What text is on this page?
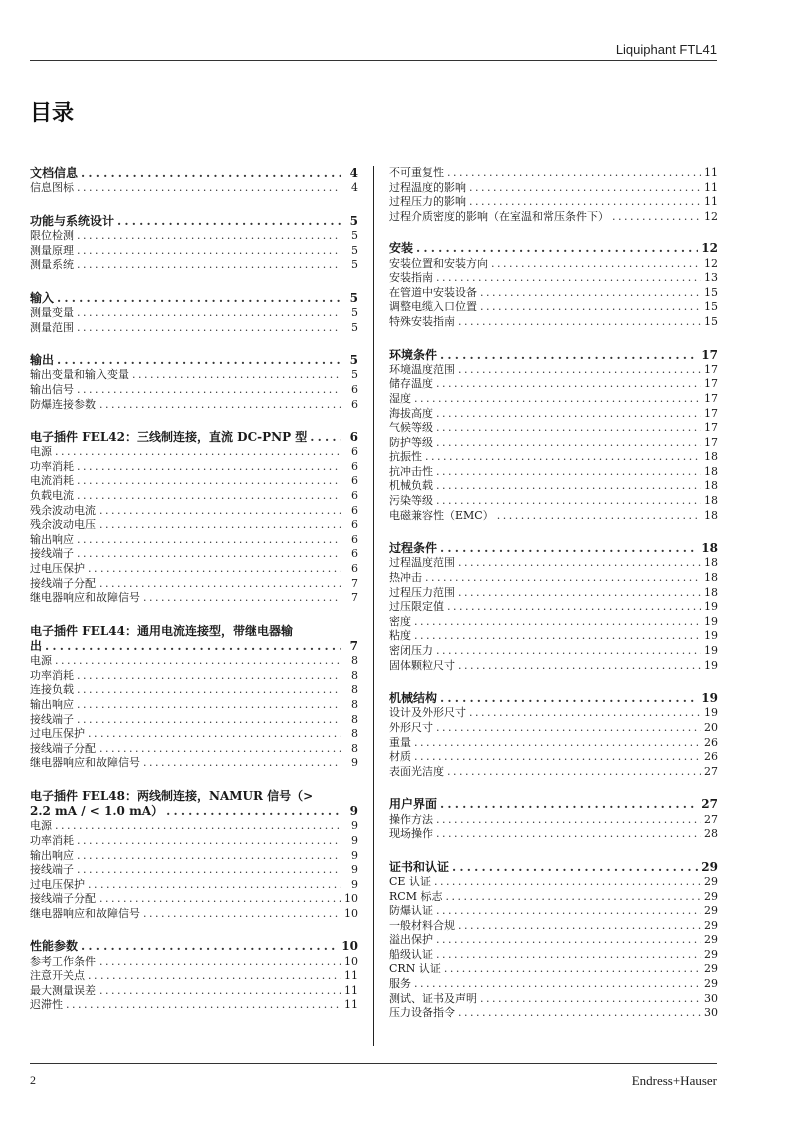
Liquiphant FTL41
目录
文档信息 . . .	4
信息图标 . . .	4
功能与系统设计 . . .	5
限位检测 . . .	5
测量原理 . . .	5
测量系统 . . .	5
输入 . . .	5
测量变量 . . .	5
测量范围 . . .	5
输出 . . .	5
输出变量和输入变量 . . .	5
输出信号 . . .	6
防爆连接参数 . . .	6
电子插件 FEL42：三线制连接，直流 DC-PNP 型 . . .	6
电源 . . .	6
功率消耗 . . .	6
电流消耗 . . .	6
负载电流 . . .	6
残余波动电流 . . .	6
残余波动电压 . . .	6
输出响应 . . .	6
接线端子 . . .	6
过电压保护 . . .	6
接线端子分配 . . .	7
继电器响应和故障信号 . . .	7
电子插件 FEL44：通用电流连接型，带继电器输
出 . . .	7
电源 . . .	8
功率消耗 . . .	8
连接负载 . . .	8
输出响应 . . .	8
接线端子 . . .	8
过电压保护 . . .	8
接线端子分配 . . .	8
继电器响应和故障信号 . . .	9
电子插件 FEL48：两线制连接，NAMUR 信号（>
2.2 mA / < 1.0 mA） . . .	9
电源 . . .	9
功率消耗 . . .	9
输出响应 . . .	9
接线端子 . . .	9
过电压保护 . . .	9
接线端子分配 . . .	10
继电器响应和故障信号 . . .	10
性能参数 . . .	10
参考工作条件 . . .	10
注意开关点 . . .	11
最大测量误差 . . .	11
迟滞性 . . .	11
不可重复性 . . .	11
过程温度的影响 . . .	11
过程压力的影响 . . .	11
过程介质密度的影响（在室温和常压条件下） . . .	12
安装 . . .	12
安装位置和安装方向 . . .	12
安装指南 . . .	13
在管道中安装设备 . . .	15
调整电缆入口位置 . . .	15
特殊安装指南 . . .	15
环境条件 . . .	17
环境温度范围 . . .	17
储存温度 . . .	17
湿度 . . .	17
海拔高度 . . .	17
气候等级 . . .	17
防护等级 . . .	17
抗振性 . . .	18
抗冲击性 . . .	18
机械负载 . . .	18
污染等级 . . .	18
电磁兼容性（EMC） . . .	18
过程条件 . . .	18
过程温度范围 . . .	18
热冲击 . . .	18
过程压力范围 . . .	18
过压限定值 . . .	19
密度 . . .	19
粘度 . . .	19
密闭压力 . . .	19
固体颗粒尺寸 . . .	19
机械结构 . . .	19
设计及外形尺寸 . . .	19
外形尺寸 . . .	20
重量 . . .	26
材质 . . .	26
表面光洁度 . . .	27
用户界面 . . .	27
操作方法 . . .	27
现场操作 . . .	28
证书和认证 . . .	29
CE 认证 . . .	29
RCM 标志 . . .	29
防爆认证 . . .	29
一般材料合规 . . .	29
溢出保护 . . .	29
船级认证 . . .	29
CRN 认证 . . .	29
服务 . . .	29
测试、证书及声明 . . .	30
压力设备指令 . . .	30
2	Endress+Hauser
